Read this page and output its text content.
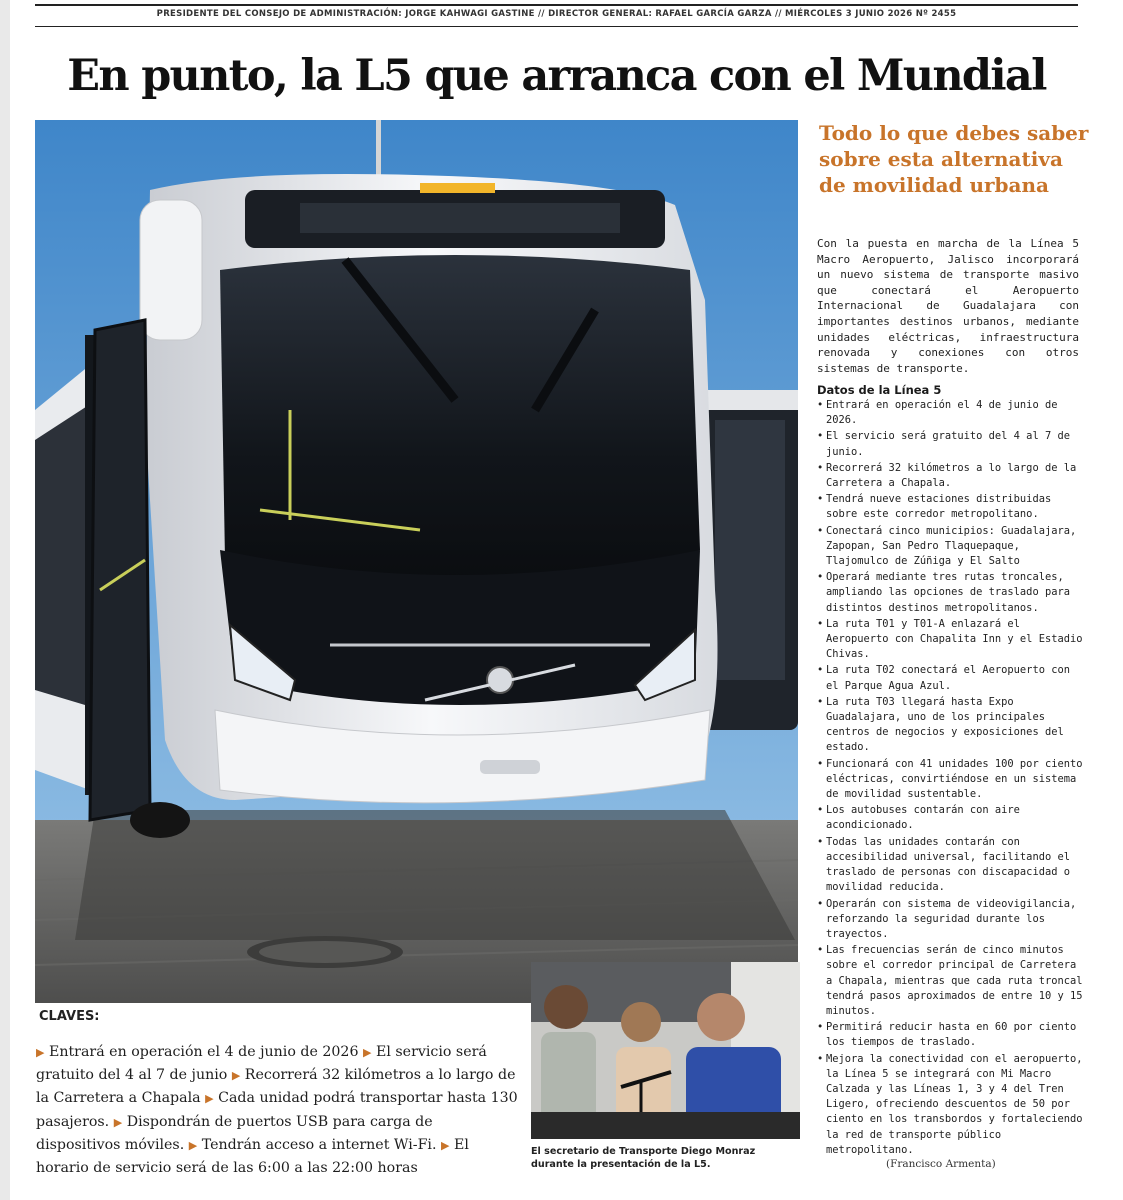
PRESIDENTE DEL CONSEJO DE ADMINISTRACIÓN: JORGE KAHWAGI GASTINE // DIRECTOR GENERAL: RAFAEL GARCÍA GARZA // MIÉRCOLES 3 JUNIO 2026 Nº 2455
En punto, la L5 que arranca con el Mundial
Todo lo que debes saber sobre esta alternativa de movilidad urbana
Con la puesta en marcha de la Línea 5 Macro Aeropuerto, Jalisco incorporará un nuevo sistema de transporte masivo que conectará el Aeropuerto Internacional de Guadalajara con importantes destinos urbanos, mediante unidades eléctricas, infraestructura renovada y conexiones con otros sistemas de transporte.
Datos de la Línea 5
• Entrará en operación el 4 de junio de 2026.
• El servicio será gratuito del 4 al 7 de junio.
• Recorrerá 32 kilómetros a lo largo de la Carretera a Chapala.
• Tendrá nueve estaciones distribuidas sobre este corredor metropolitano.
• Conectará cinco municipios: Guadalajara, Zapopan, San Pedro Tlaquepaque, Tlajomulco de Zúñiga y El Salto
• Operará mediante tres rutas troncales, ampliando las opciones de traslado para distintos destinos metropolitanos.
• La ruta T01 y T01-A enlazará el Aeropuerto con Chapalita Inn y el Estadio Chivas.
• La ruta T02 conectará el Aeropuerto con el Parque Agua Azul.
• La ruta T03 llegará hasta Expo Guadalajara, uno de los principales centros de negocios y exposiciones del estado.
• Funcionará con 41 unidades 100 por ciento eléctricas, convirtiéndose en un sistema de movilidad sustentable.
• Los autobuses contarán con aire acondicionado.
• Todas las unidades contarán con accesibilidad universal, facilitando el traslado de personas con discapacidad o movilidad reducida.
• Operarán con sistema de videovigilancia, reforzando la seguridad durante los trayectos.
• Las frecuencias serán de cinco minutos sobre el corredor principal de Carretera a Chapala, mientras que cada ruta troncal tendrá pasos aproximados de entre 10 y 15 minutos.
• Permitirá reducir hasta en 60 por ciento los tiempos de traslado.
• Mejora la conectividad con el aeropuerto, la Línea 5 se integrará con Mi Macro Calzada y las Líneas 1, 3 y 4 del Tren Ligero, ofreciendo descuentos de 50 por ciento en los transbordos y fortaleciendo la red de transporte público metropolitano.
(Francisco Armenta)
CLAVES:
▶ Entrará en operación el 4 de junio de 2026 ▶ El servicio será gratuito del 4 al 7 de junio ▶ Recorrerá 32 kilómetros a lo largo de la Carretera a Chapala ▶ Cada unidad podrá transportar hasta 130 pasajeros. ▶ Dispondrán de puertos USB para carga de dispositivos móviles. ▶ Tendrán acceso a internet Wi-Fi. ▶ El horario de servicio será de las 6:00 a las 22:00 horas
El secretario de Transporte Diego Monraz durante la presentación de la L5.
